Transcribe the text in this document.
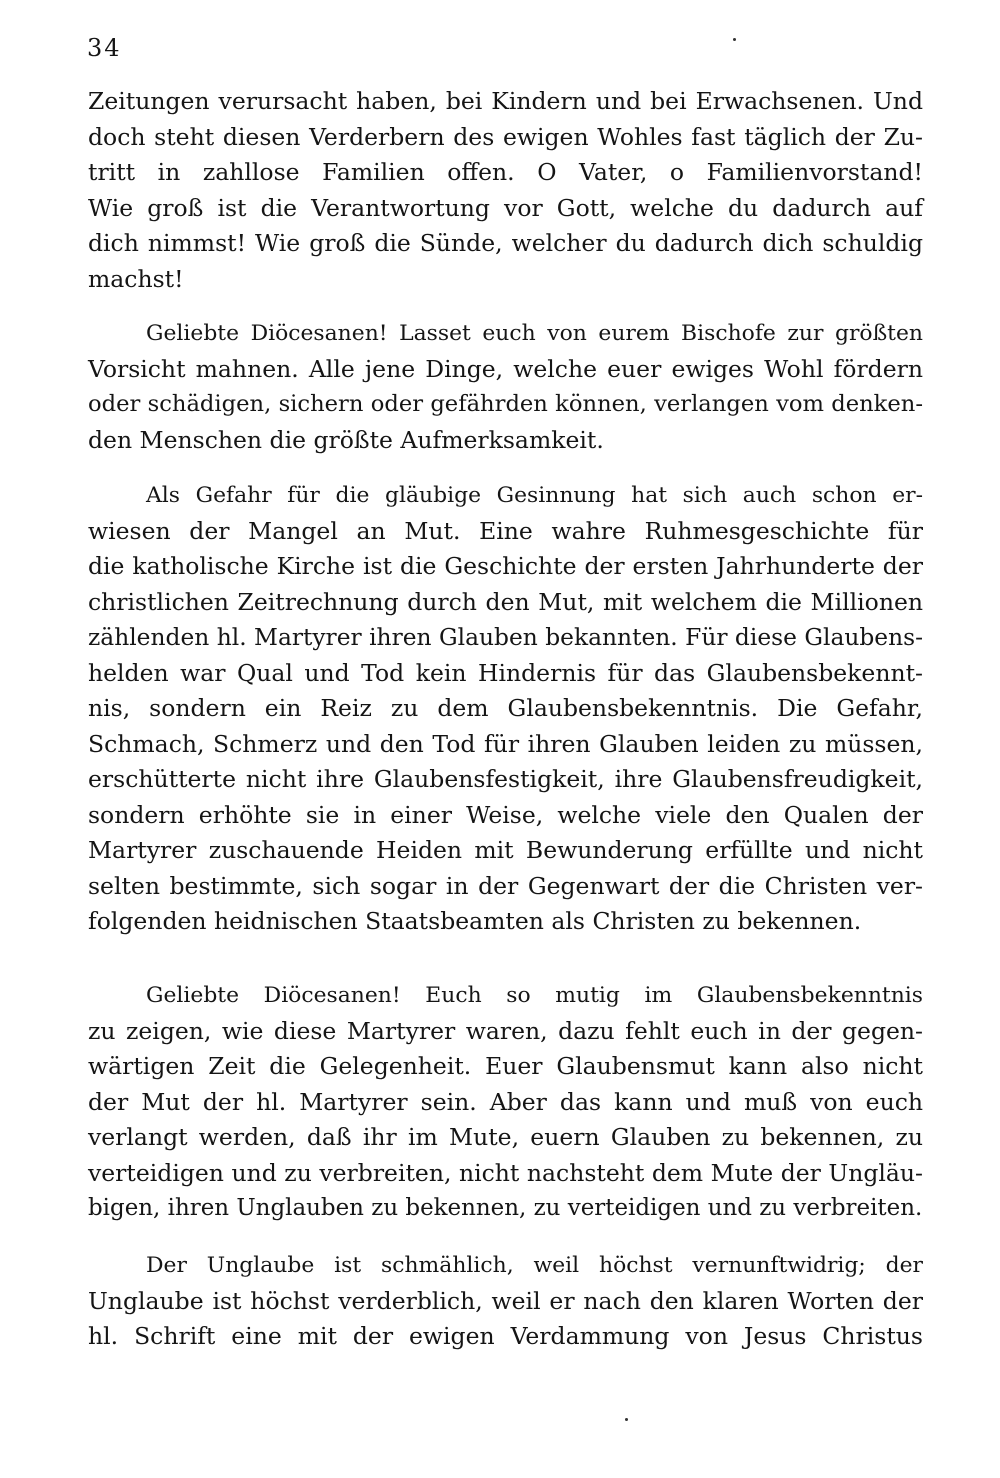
34
Zeitungen verursacht haben, bei Kindern und bei Erwachsenen. Und
doch steht diesen Verderbern des ewigen Wohles fast täglich der Zu-
tritt in zahllose Familien offen. O Vater, o Familienvorstand!
Wie groß ist die Verantwortung vor Gott, welche du dadurch auf
dich nimmst! Wie groß die Sünde, welcher du dadurch dich schuldig
machst!
Geliebte Diöcesanen! Lasset euch von eurem Bischofe zur größten
Vorsicht mahnen. Alle jene Dinge, welche euer ewiges Wohl fördern
oder schädigen, sichern oder gefährden können, verlangen vom denken-
den Menschen die größte Aufmerksamkeit.
Als Gefahr für die gläubige Gesinnung hat sich auch schon er-
wiesen der Mangel an Mut. Eine wahre Ruhmesgeschichte für
die katholische Kirche ist die Geschichte der ersten Jahrhunderte der
christlichen Zeitrechnung durch den Mut, mit welchem die Millionen
zählenden hl. Martyrer ihren Glauben bekannten. Für diese Glaubens-
helden war Qual und Tod kein Hindernis für das Glaubensbekennt-
nis, sondern ein Reiz zu dem Glaubensbekenntnis. Die Gefahr,
Schmach, Schmerz und den Tod für ihren Glauben leiden zu müssen,
erschütterte nicht ihre Glaubensfestigkeit, ihre Glaubensfreudigkeit,
sondern erhöhte sie in einer Weise, welche viele den Qualen der
Martyrer zuschauende Heiden mit Bewunderung erfüllte und nicht
selten bestimmte, sich sogar in der Gegenwart der die Christen ver-
folgenden heidnischen Staatsbeamten als Christen zu bekennen.
Geliebte Diöcesanen! Euch so mutig im Glaubensbekenntnis
zu zeigen, wie diese Martyrer waren, dazu fehlt euch in der gegen-
wärtigen Zeit die Gelegenheit. Euer Glaubensmut kann also nicht
der Mut der hl. Martyrer sein. Aber das kann und muß von euch
verlangt werden, daß ihr im Mute, euern Glauben zu bekennen, zu
verteidigen und zu verbreiten, nicht nachsteht dem Mute der Ungläu-
bigen, ihren Unglauben zu bekennen, zu verteidigen und zu verbreiten.
Der Unglaube ist schmählich, weil höchst vernunftwidrig; der
Unglaube ist höchst verderblich, weil er nach den klaren Worten der
hl. Schrift eine mit der ewigen Verdammung von Jesus Christus
